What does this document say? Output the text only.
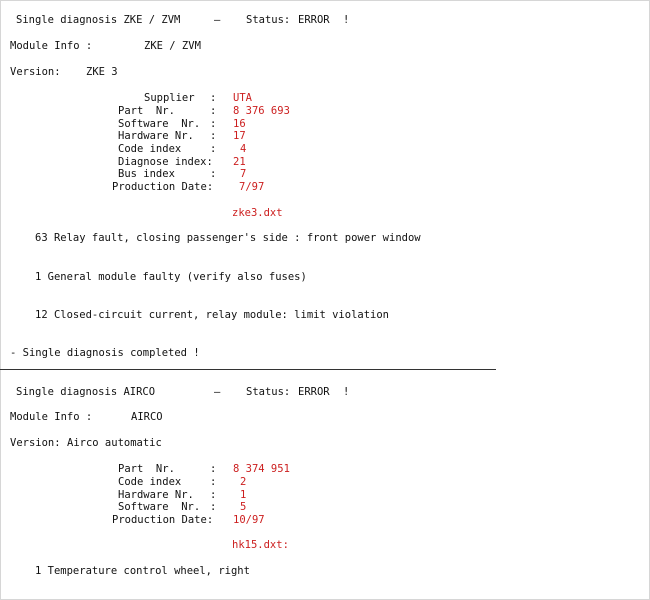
Single diagnosis ZKE / ZVM	– Status: ERROR !
Module Info :	ZKE / ZVM
Version: ZKE 3
Supplier : UTA
Part  Nr.	: 8 376 693
Software  Nr. : 16
Hardware Nr. : 17
Code index	: 4
Diagnose index: 21
Bus index	: 7
Production Date: 7/97
zke3.dxt
63 Relay fault, closing passenger's side : front power window
1 General module faulty (verify also fuses)
12 Closed-circuit current, relay module: limit violation
- Single diagnosis completed !
Single diagnosis AIRCO	– Status: ERROR !
Module Info :	AIRCO
Version: Airco automatic
Part  Nr.	: 8 374 951
Code index	: 2
Hardware Nr. : 1
Software  Nr. : 5
Production Date: 10/97
hk15.dxt:
1 Temperature control wheel, right
